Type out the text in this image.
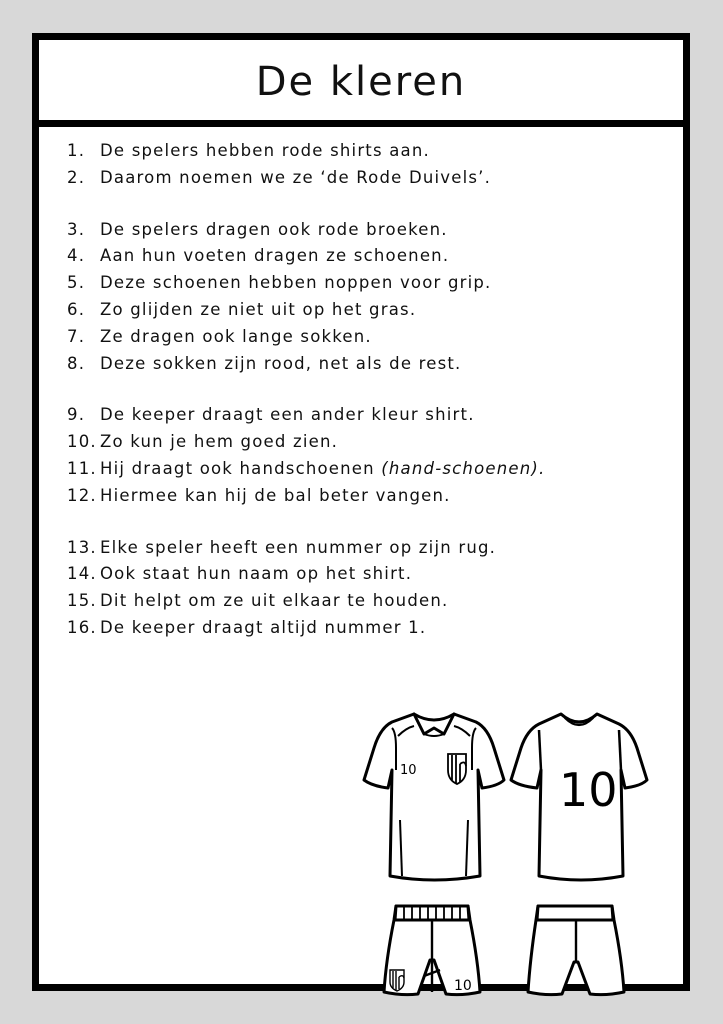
De kleren
1. De spelers hebben rode shirts aan.
2. Daarom noemen we ze ‘de Rode Duivels’.
3. De spelers dragen ook rode broeken.
4. Aan hun voeten dragen ze schoenen.
5. Deze schoenen hebben noppen voor grip.
6. Zo glijden ze niet uit op het gras.
7. Ze dragen ook lange sokken.
8. Deze sokken zijn rood, net als de rest.
9. De keeper draagt een ander kleur shirt.
10. Zo kun je hem goed zien.
11. Hij draagt ook handschoenen (hand-schoenen).
12. Hiermee kan hij de bal beter vangen.
13. Elke speler heeft een nummer op zijn rug.
14. Ook staat hun naam op het shirt.
15. Dit helpt om ze uit elkaar te houden.
16. De keeper draagt altijd nummer 1.
10	10
10
